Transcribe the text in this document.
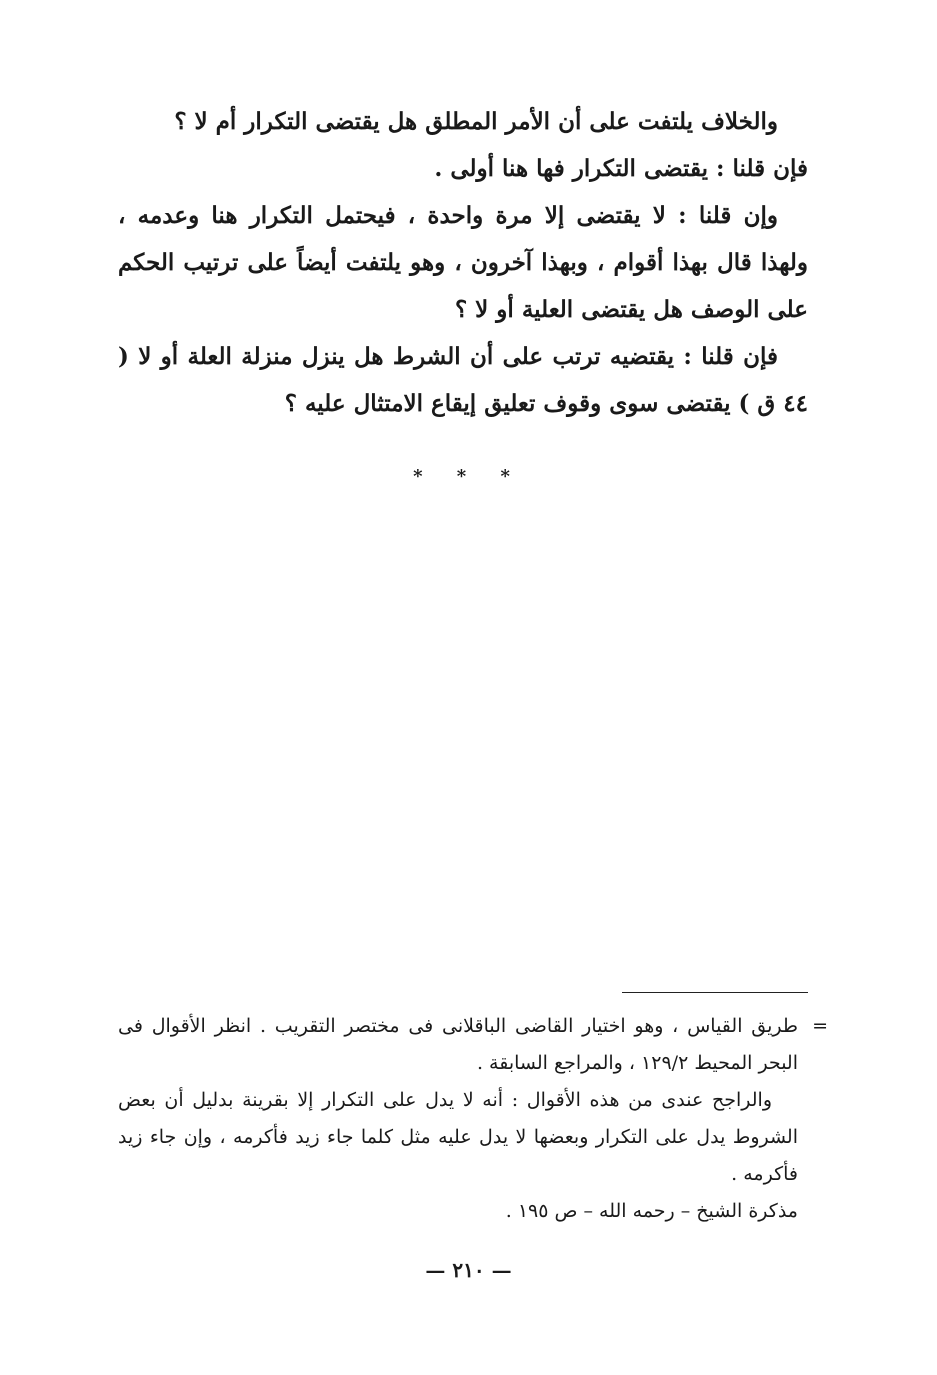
والخلاف يلتفت على أن الأمر المطلق هل يقتضى التكرار أم لا ؟

فإن قلنا : يقتضى التكرار فها هنا أولى .

وإن قلنا : لا يقتضى إلا مرة واحدة ، فيحتمل التكرار هنا وعدمه ، ولهذا قال بهذا أقوام ، وبهذا آخرون ، وهو يلتفت أيضاً على ترتيب الحكم على الوصف هل يقتضى العلية أو لا ؟

فإن قلنا : يقتضيه ترتب على أن الشرط هل ينزل منزلة العلة أو لا ( ٤٤ ق ) يقتضى سوى وقوف تعليق إيقاع الامتثال عليه ؟

* * *

=
طريق القياس ، وهو اختيار القاضى الباقلانى فى مختصر التقريب . انظر الأقوال فى البحر المحيط ١٢٩/٢ ، والمراجع السابقة .

والراجح عندى من هذه الأقوال : أنه لا يدل على التكرار إلا بقرينة بدليل أن بعض الشروط يدل على التكرار وبعضها لا يدل عليه مثل كلما جاء زيد فأكرمه ، وإن جاء زيد فأكرمه .

مذكرة الشيخ – رحمه الله – ص ١٩٥ .

— ٢١٠ —
